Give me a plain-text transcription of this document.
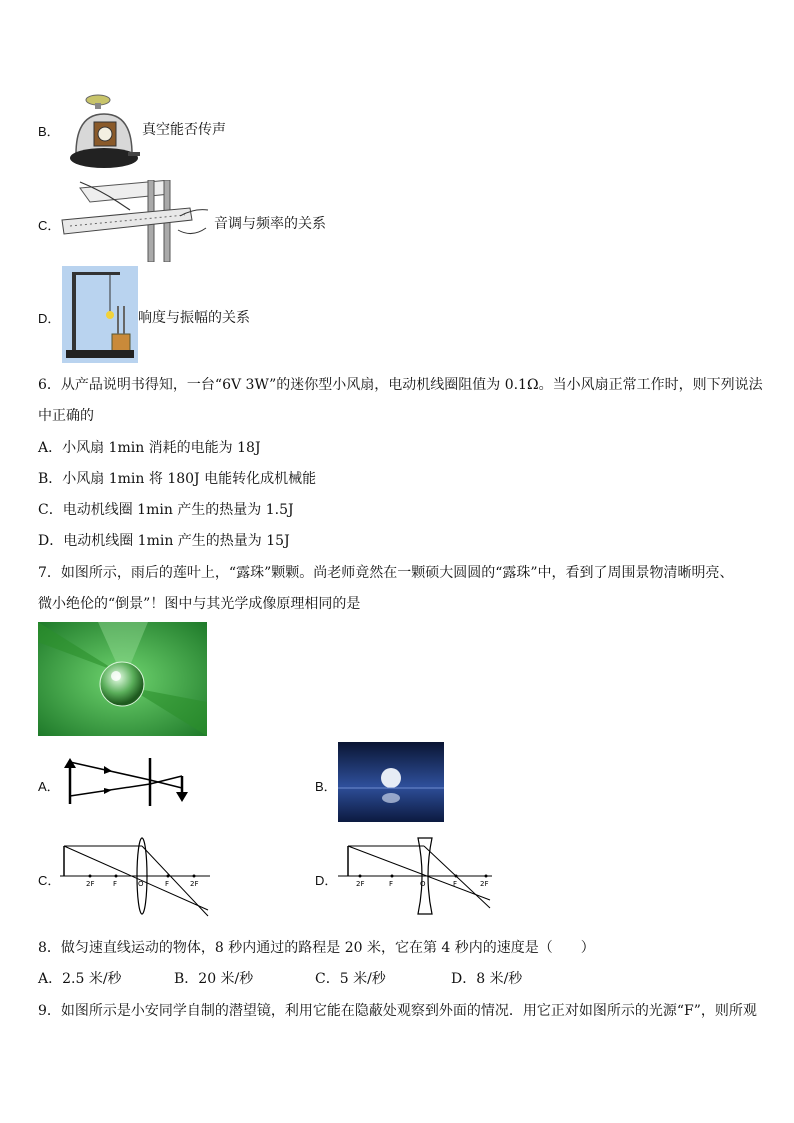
B．	真空能否传声
C．	音调与频率的关系
D．	响度与振幅的关系
6．从产品说明书得知，一台“6V 3W”的迷你型小风扇，电动机线圈阻值为 0.1Ω。当小风扇正常工作时，则下列说法
中正确的
A．小风扇 1min 消耗的电能为 18J
B．小风扇 1min 将 180J 电能转化成机械能
C．电动机线圈 1min 产生的热量为 1.5J
D．电动机线圈 1min 产生的热量为 15J
7．如图所示，雨后的莲叶上，“露珠”颗颗。尚老师竟然在一颗硕大圆圆的“露珠”中，看到了周围景物清晰明亮、
微小绝伦的“倒景”！图中与其光学成像原理相同的是
A．	B．
C．	2F	F	O	F	2F	D．	2F	F	O	F	2F
8．做匀速直线运动的物体，8 秒内通过的路程是 20 米，它在第 4 秒内的速度是（　　）
A．2.5 米/秒	B．20 米/秒	C．5 米/秒	D．8 米/秒
9．如图所示是小安同学自制的潜望镜，利用它能在隐蔽处观察到外面的情况．用它正对如图所示的光源“F”，则所观
